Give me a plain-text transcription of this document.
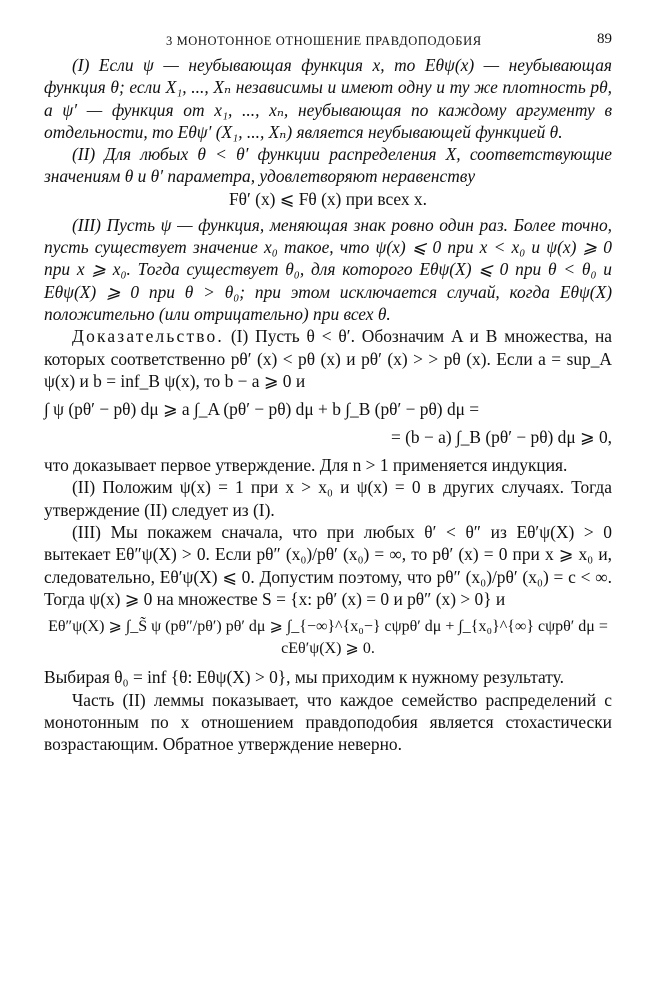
3 МОНОТОННОЕ ОТНОШЕНИЕ ПРАВДОПОДОБИЯ	89

(I) Если ψ — неубывающая функция x, то Eθψ(x) — неубывающая функция θ; если X₁, ..., Xₙ независимы и имеют одну и ту же плотность pθ, а ψ′ — функция от x₁, ..., xₙ, неубывающая по каждому аргументу в отдельности, то Eθψ′ (X₁, ..., Xₙ) является неубывающей функцией θ.

(II) Для любых θ < θ′ функции распределения X, соответствующие значениям θ и θ′ параметра, удовлетворяют неравенству

Fθ′ (x) ⩽ Fθ (x) при всех x.

(III) Пусть ψ — функция, меняющая знак ровно один раз. Более точно, пусть существует значение x₀ такое, что ψ(x) ⩽ 0 при x < x₀ и ψ(x) ⩾ 0 при x ⩾ x₀. Тогда существует θ₀, для которого Eθψ(X) ⩽ 0 при θ < θ₀ и Eθψ(X) ⩾ 0 при θ > θ₀; при этом исключается случай, когда Eθψ(X) положительно (или отрицательно) при всех θ.

Доказательство. (I) Пусть θ < θ′. Обозначим A и B множества, на которых соответственно pθ′ (x) < pθ (x) и pθ′ (x) > > pθ (x). Если a = sup_A ψ(x) и b = inf_B ψ(x), то b − a ⩾ 0 и

∫ ψ (pθ′ − pθ) dμ ⩾ a ∫_A (pθ′ − pθ) dμ + b ∫_B (pθ′ − pθ) dμ =

= (b − a) ∫_B (pθ′ − pθ) dμ ⩾ 0,

что доказывает первое утверждение. Для n > 1 применяется индукция.

(II) Положим ψ(x) = 1 при x > x₀ и ψ(x) = 0 в других случаях. Тогда утверждение (II) следует из (I).

(III) Мы покажем сначала, что при любых θ′ < θ″ из Eθ′ψ(X) > 0 вытекает Eθ″ψ(X) > 0. Если pθ″ (x₀)/pθ′ (x₀) = ∞, то pθ′ (x) = 0 при x ⩾ x₀ и, следовательно, Eθ′ψ(X) ⩽ 0. Допустим поэтому, что pθ″ (x₀)/pθ′ (x₀) = c < ∞. Тогда ψ(x) ⩾ 0 на множестве S = {x: pθ′ (x) = 0 и pθ″ (x) > 0} и

Eθ″ψ(X) ⩾ ∫_S̃ ψ (pθ″/pθ′) pθ′ dμ ⩾ ∫_{−∞}^{x₀−} cψpθ′ dμ + ∫_{x₀}^{∞} cψpθ′ dμ = cEθ′ψ(X) ⩾ 0.

Выбирая θ₀ = inf {θ: Eθψ(X) > 0}, мы приходим к нужному результату.

Часть (II) леммы показывает, что каждое семейство распределений с монотонным по x отношением правдоподобия является стохастически возрастающим. Обратное утверждение неверно.
